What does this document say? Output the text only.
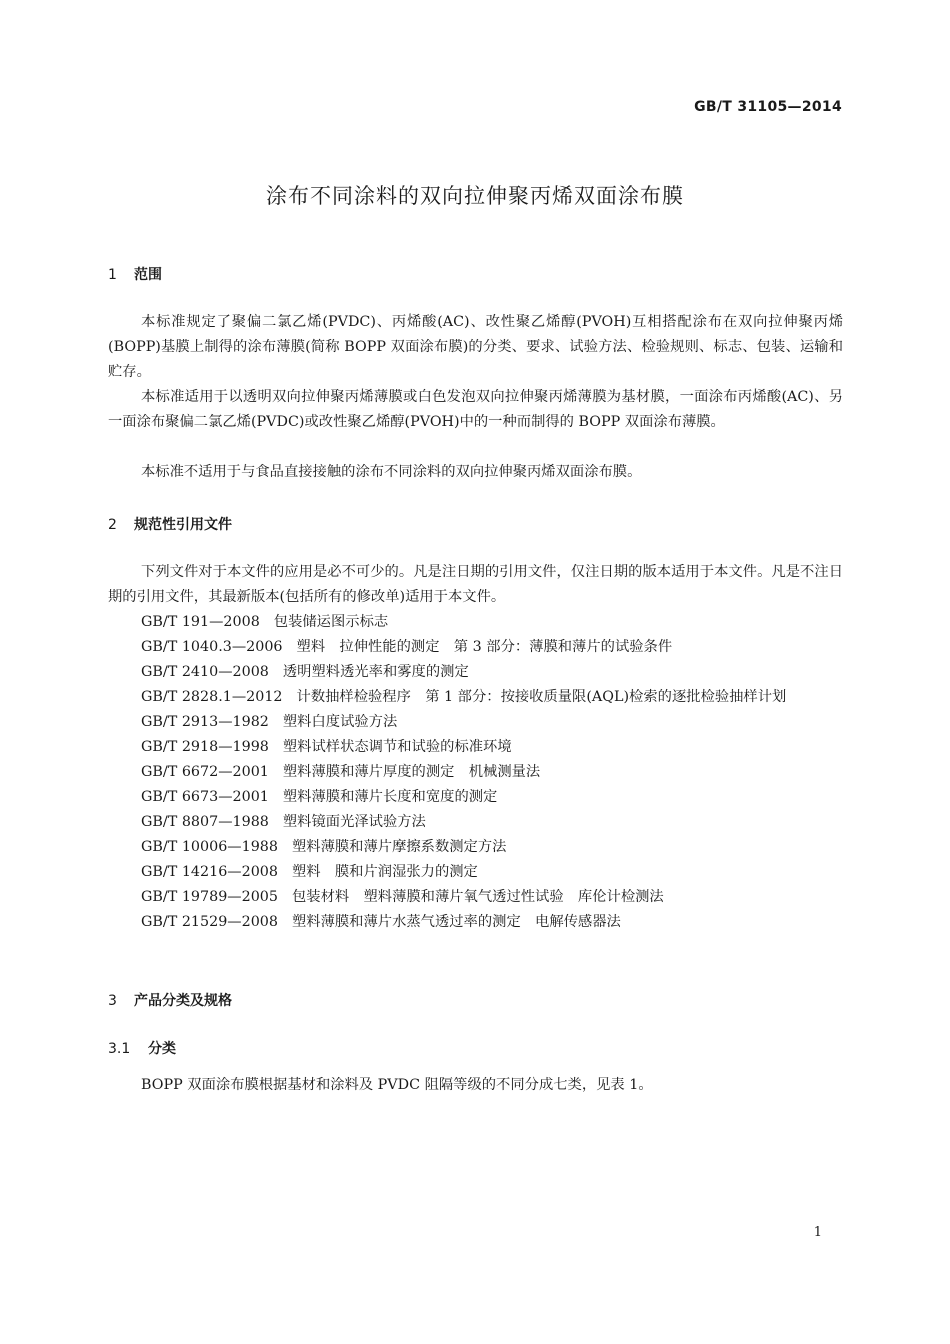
GB/T 31105—2014
涂布不同涂料的双向拉伸聚丙烯双面涂布膜
1 范围

本标准规定了聚偏二氯乙烯(PVDC)、丙烯酸(AC)、改性聚乙烯醇(PVOH)互相搭配涂布在双向拉伸聚丙烯(BOPP)基膜上制得的涂布薄膜(简称 BOPP 双面涂布膜)的分类、要求、试验方法、检验规则、标志、包装、运输和贮存。

本标准适用于以透明双向拉伸聚丙烯薄膜或白色发泡双向拉伸聚丙烯薄膜为基材膜，一面涂布丙烯酸(AC)、另一面涂布聚偏二氯乙烯(PVDC)或改性聚乙烯醇(PVOH)中的一种而制得的 BOPP 双面涂布薄膜。

本标准不适用于与食品直接接触的涂布不同涂料的双向拉伸聚丙烯双面涂布膜。

2 规范性引用文件

下列文件对于本文件的应用是必不可少的。凡是注日期的引用文件，仅注日期的版本适用于本文件。凡是不注日期的引用文件，其最新版本(包括所有的修改单)适用于本文件。

GB/T 191—2008 包装储运图示标志
GB/T 1040.3—2006 塑料　拉伸性能的测定　第 3 部分：薄膜和薄片的试验条件
GB/T 2410—2008 透明塑料透光率和雾度的测定
GB/T 2828.1—2012 计数抽样检验程序　第 1 部分：按接收质量限(AQL)检索的逐批检验抽样计划
GB/T 2913—1982 塑料白度试验方法
GB/T 2918—1998 塑料试样状态调节和试验的标准环境
GB/T 6672—2001 塑料薄膜和薄片厚度的测定　机械测量法
GB/T 6673—2001 塑料薄膜和薄片长度和宽度的测定
GB/T 8807—1988 塑料镜面光泽试验方法
GB/T 10006—1988 塑料薄膜和薄片摩擦系数测定方法
GB/T 14216—2008 塑料　膜和片润湿张力的测定
GB/T 19789—2005 包装材料　塑料薄膜和薄片氧气透过性试验　库伦计检测法
GB/T 21529—2008 塑料薄膜和薄片水蒸气透过率的测定　电解传感器法
3 产品分类及规格
3.1 分类

BOPP 双面涂布膜根据基材和涂料及 PVDC 阻隔等级的不同分成七类，见表 1。

1
